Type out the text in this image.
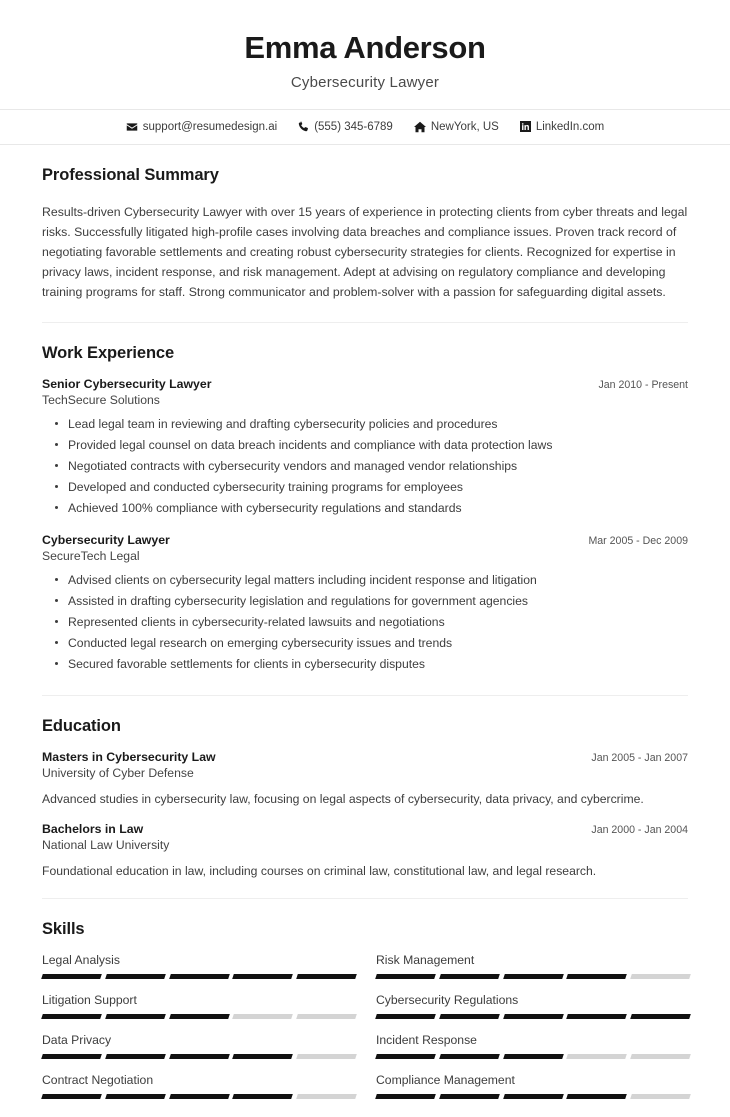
Emma Anderson
Cybersecurity Lawyer
support@resumedesign.ai	(555) 345-6789	NewYork, US	LinkedIn.com
Professional Summary

Results-driven Cybersecurity Lawyer with over 15 years of experience in protecting clients from cyber threats and legal risks. Successfully litigated high-profile cases involving data breaches and compliance issues. Proven track record of negotiating favorable settlements and creating robust cybersecurity strategies for clients. Recognized for expertise in privacy laws, incident response, and risk management. Adept at advising on regulatory compliance and developing training programs for staff. Strong communicator and problem-solver with a passion for safeguarding digital assets.

Work Experience
Senior Cybersecurity Lawyer	Jan 2010 - Present
TechSecure Solutions
Lead legal team in reviewing and drafting cybersecurity policies and procedures
Provided legal counsel on data breach incidents and compliance with data protection laws
Negotiated contracts with cybersecurity vendors and managed vendor relationships
Developed and conducted cybersecurity training programs for employees
Achieved 100% compliance with cybersecurity regulations and standards
Cybersecurity Lawyer	Mar 2005 - Dec 2009
SecureTech Legal
Advised clients on cybersecurity legal matters including incident response and litigation
Assisted in drafting cybersecurity legislation and regulations for government agencies
Represented clients in cybersecurity-related lawsuits and negotiations
Conducted legal research on emerging cybersecurity issues and trends
Secured favorable settlements for clients in cybersecurity disputes
Education
Masters in Cybersecurity Law	Jan 2005 - Jan 2007
University of Cyber Defense
Advanced studies in cybersecurity law, focusing on legal aspects of cybersecurity, data privacy, and cybercrime.
Bachelors in Law	Jan 2000 - Jan 2004
National Law University
Foundational education in law, including courses on criminal law, constitutional law, and legal research.
Skills
Legal Analysis	Risk Management
Litigation Support	Cybersecurity Regulations
Data Privacy	Incident Response
Contract Negotiation	Compliance Management
